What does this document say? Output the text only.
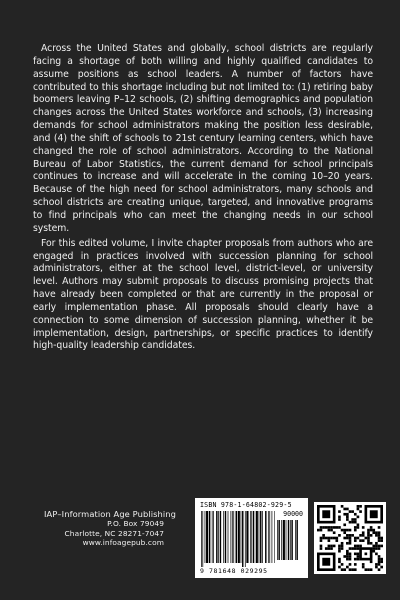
Across the United States and globally, school districts are regularly facing a shortage of both willing and highly qualified candidates to assume positions as school leaders. A number of factors have contributed to this shortage including but not limited to: (1) retiring baby boomers leaving P–12 schools, (2) shifting demographics and population changes across the United States workforce and schools, (3) increasing demands for school administrators making the position less desirable, and (4) the shift of schools to 21st century learning centers, which have changed the role of school administrators. According to the National Bureau of Labor Statistics, the current demand for school principals continues to increase and will accelerate in the coming 10–20 years. Because of the high need for school administrators, many schools and school districts are creating unique, targeted, and innovative programs to find principals who can meet the changing needs in our school system.

For this edited volume, I invite chapter proposals from authors who are engaged in practices involved with succession planning for school administrators, either at the school level, district-level, or university level. Authors may submit proposals to discuss promising projects that have already been completed or that are currently in the proposal or early implementation phase. All proposals should clearly have a connection to some dimension of succession planning, whether it be implementation, design, partnerships, or specific practices to identify high-quality leadership candidates.

IAP–Information Age Publishing
P.O. Box 79049
Charlotte, NC 28271-7047
www.infoagepub.com
ISBN 978-1-64802-929-5
90000
9 781648 029295
